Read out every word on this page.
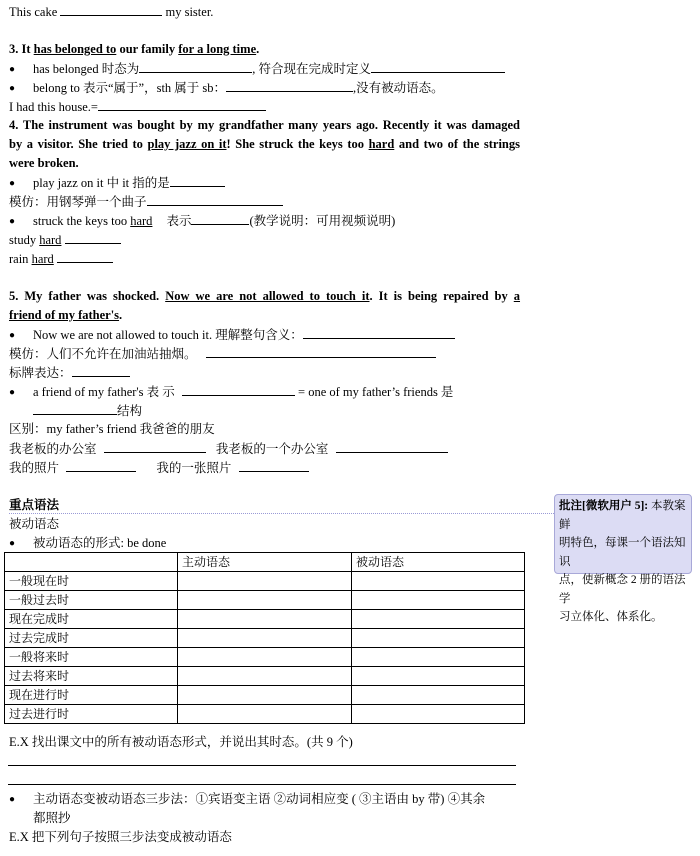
This cake	my sister.
3. It has belonged to our family for a long time.
●has belonged 时态为	, 符合现在完成时定义
●belong to 表示“属于”，sth 属于 sb：	,没有被动语态。
I had this house.=
4. The instrument was bought by my grandfather many years ago. Recently it was damaged
by a visitor. She tried to play jazz on it! She struck the keys too hard and two of the strings
were broken.
●play jazz on it 中 it 指的是
模仿：用钢琴弹一个曲子
●struck the keys too hard 表示	(教学说明：可用视频说明)
study hard
rain hard
5. My father was shocked. Now we are not allowed to touch it. It is being repaired by a
friend of my father's.
●Now we are not allowed to touch it. 理解整句含义：
模仿：人们不允许在加油站抽烟。
标牌表达：
●a friend of my father's 表 示	= one of my father’s friends 是
结构
区别：my father’s friend 我爸爸的朋友
我老板的办公室	我老板的一个办公室
我的照片	我的一张照片
重点语法
被动语态
●被动语态的形式: be done
	主动语态	被动语态
一般现在时		
一般过去时		
现在完成时		
过去完成时		
一般将来时		
过去将来时		
现在进行时		
过去进行时		
E.X 找出课文中的所有被动语态形式，并说出其时态。(共 9 个)
●主动语态变被动语态三步法：①宾语变主语 ②动词相应变 ( ③主语由 by 带) ④其余
都照抄
E.X 把下列句子按照三步法变成被动语态
批注[微软用户 5]: 本教案鲜
明特色，每课一个语法知识
点，使新概念 2 册的语法学
习立体化、体系化。
